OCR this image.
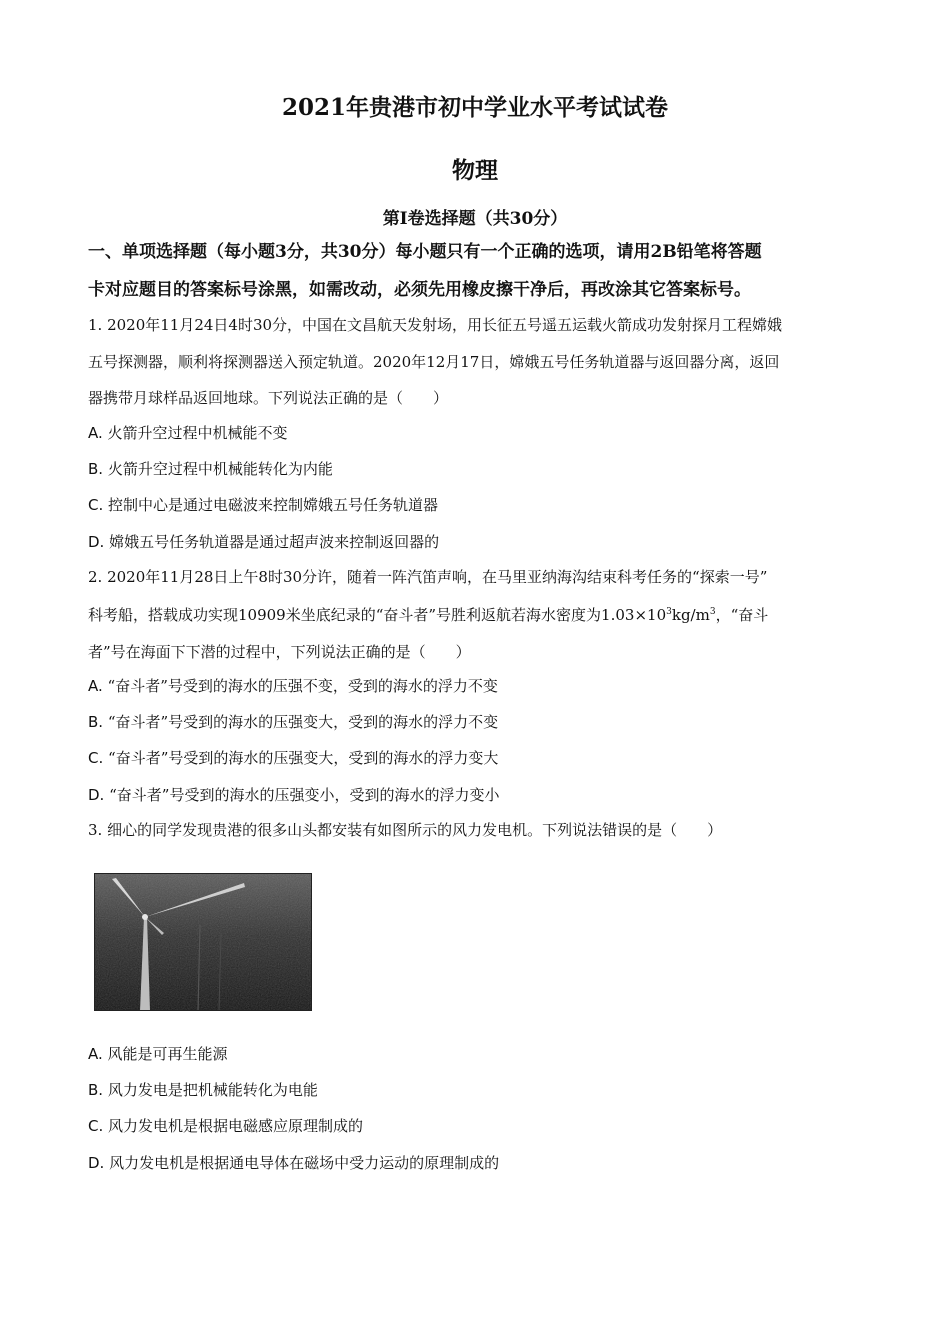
2021年贵港市初中学业水平考试试卷
物理
第Ⅰ卷选择题（共30分）
一、单项选择题（每小题3分，共30分）每小题只有一个正确的选项，请用2B铅笔将答题
卡对应题目的答案标号涂黑，如需改动，必须先用橡皮擦干净后，再改涂其它答案标号。
1. 2020年11月24日4时30分，中国在文昌航天发射场，用长征五号遥五运载火箭成功发射探月工程嫦娥
五号探测器，顺利将探测器送入预定轨道。2020年12月17日，嫦娥五号任务轨道器与返回器分离，返回
器携带月球样品返回地球。下列说法正确的是（　　）
A. 火箭升空过程中机械能不变
B. 火箭升空过程中机械能转化为内能
C. 控制中心是通过电磁波来控制嫦娥五号任务轨道器
D. 嫦娥五号任务轨道器是通过超声波来控制返回器的
2. 2020年11月28日上午8时30分许，随着一阵汽笛声响，在马里亚纳海沟结束科考任务的“探索一号”
科考船，搭载成功实现10909米坐底纪录的“奋斗者”号胜利返航若海水密度为$1.03\times 10^3kg/m^3$，“奋斗
者”号在海面下下潜的过程中，下列说法正确的是（　　）
A. “奋斗者”号受到的海水的压强不变，受到的海水的浮力不变
B. “奋斗者”号受到的海水的压强变大，受到的海水的浮力不变
C. “奋斗者”号受到的海水的压强变大，受到的海水的浮力变大
D. “奋斗者”号受到的海水的压强变小，受到的海水的浮力变小
3. 细心的同学发现贵港的很多山头都安装有如图所示的风力发电机。下列说法错误的是（　　）
A. 风能是可再生能源
B. 风力发电是把机械能转化为电能
C. 风力发电机是根据电磁感应原理制成的
D. 风力发电机是根据通电导体在磁场中受力运动的原理制成的
